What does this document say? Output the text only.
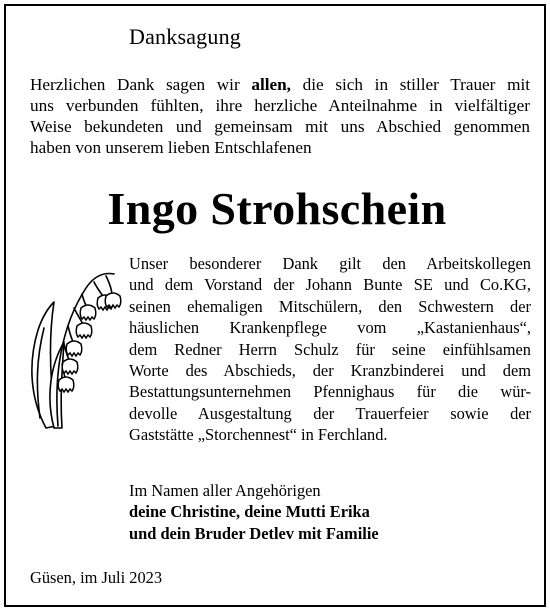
Danksagung
Herzlichen Dank sagen wir allen, die sich in stiller Trauer mit
uns verbunden fühlten, ihre herzliche Anteilnahme in vielfältiger
Weise bekundeten und gemeinsam mit uns Abschied genommen
haben von unserem lieben Entschlafenen
Ingo Strohschein
Unser besonderer Dank gilt den Arbeitskollegen
und dem Vorstand der Johann Bunte SE und Co.KG,
seinen ehemaligen Mitschülern, den Schwestern der
häuslichen Krankenpflege vom „Kastanienhaus“,
dem Redner Herrn Schulz für seine einfühlsamen
Worte des Abschieds, der Kranzbinderei und dem
Bestattungsunternehmen Pfennighaus für die wür-
devolle Ausgestaltung der Trauerfeier sowie der
Gaststätte „Storchennest“ in Ferchland.
Im Namen aller Angehörigen
deine Christine, deine Mutti Erika
und dein Bruder Detlev mit Familie
Güsen, im Juli 2023
